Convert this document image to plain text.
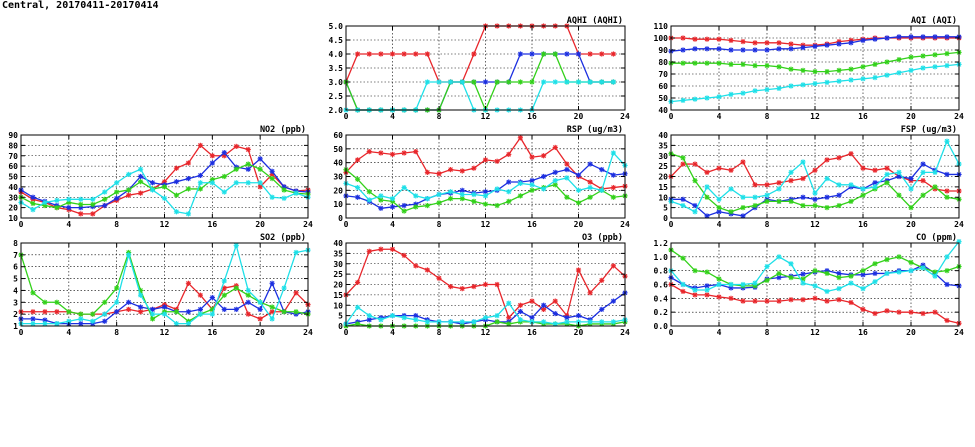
Central, 20170411-20170414
0	4	8	12	16	20	24
2.0
2.5
3.0
3.5
4.0
4.5
5.0
AQHI (AQHI)
0	4	8	12	16	20	24
40
50
60
70
80
90
100
110
AQI (AQI)
0	4	8	12	16	20	24
10
20
30
40
50
60
70
80
90
NO2 (ppb)
0	4	8	12	16	20	24
0
10
20
30
40
50
60
RSP (ug/m3)
0	4	8	12	16	20	24
0
5
10
15
20
25
30
35
40
FSP (ug/m3)
0	4	8	12	16	20	24
1
2
3
4
5
6
7
8
SO2 (ppb)
0	4	8	12	16	20	24
0
5
10
15
20
25
30
35
40
O3 (ppb)
0	4	8	12	16	20	24
0.0
0.2
0.4
0.6
0.8
1.0
1.2
CO (ppm)
